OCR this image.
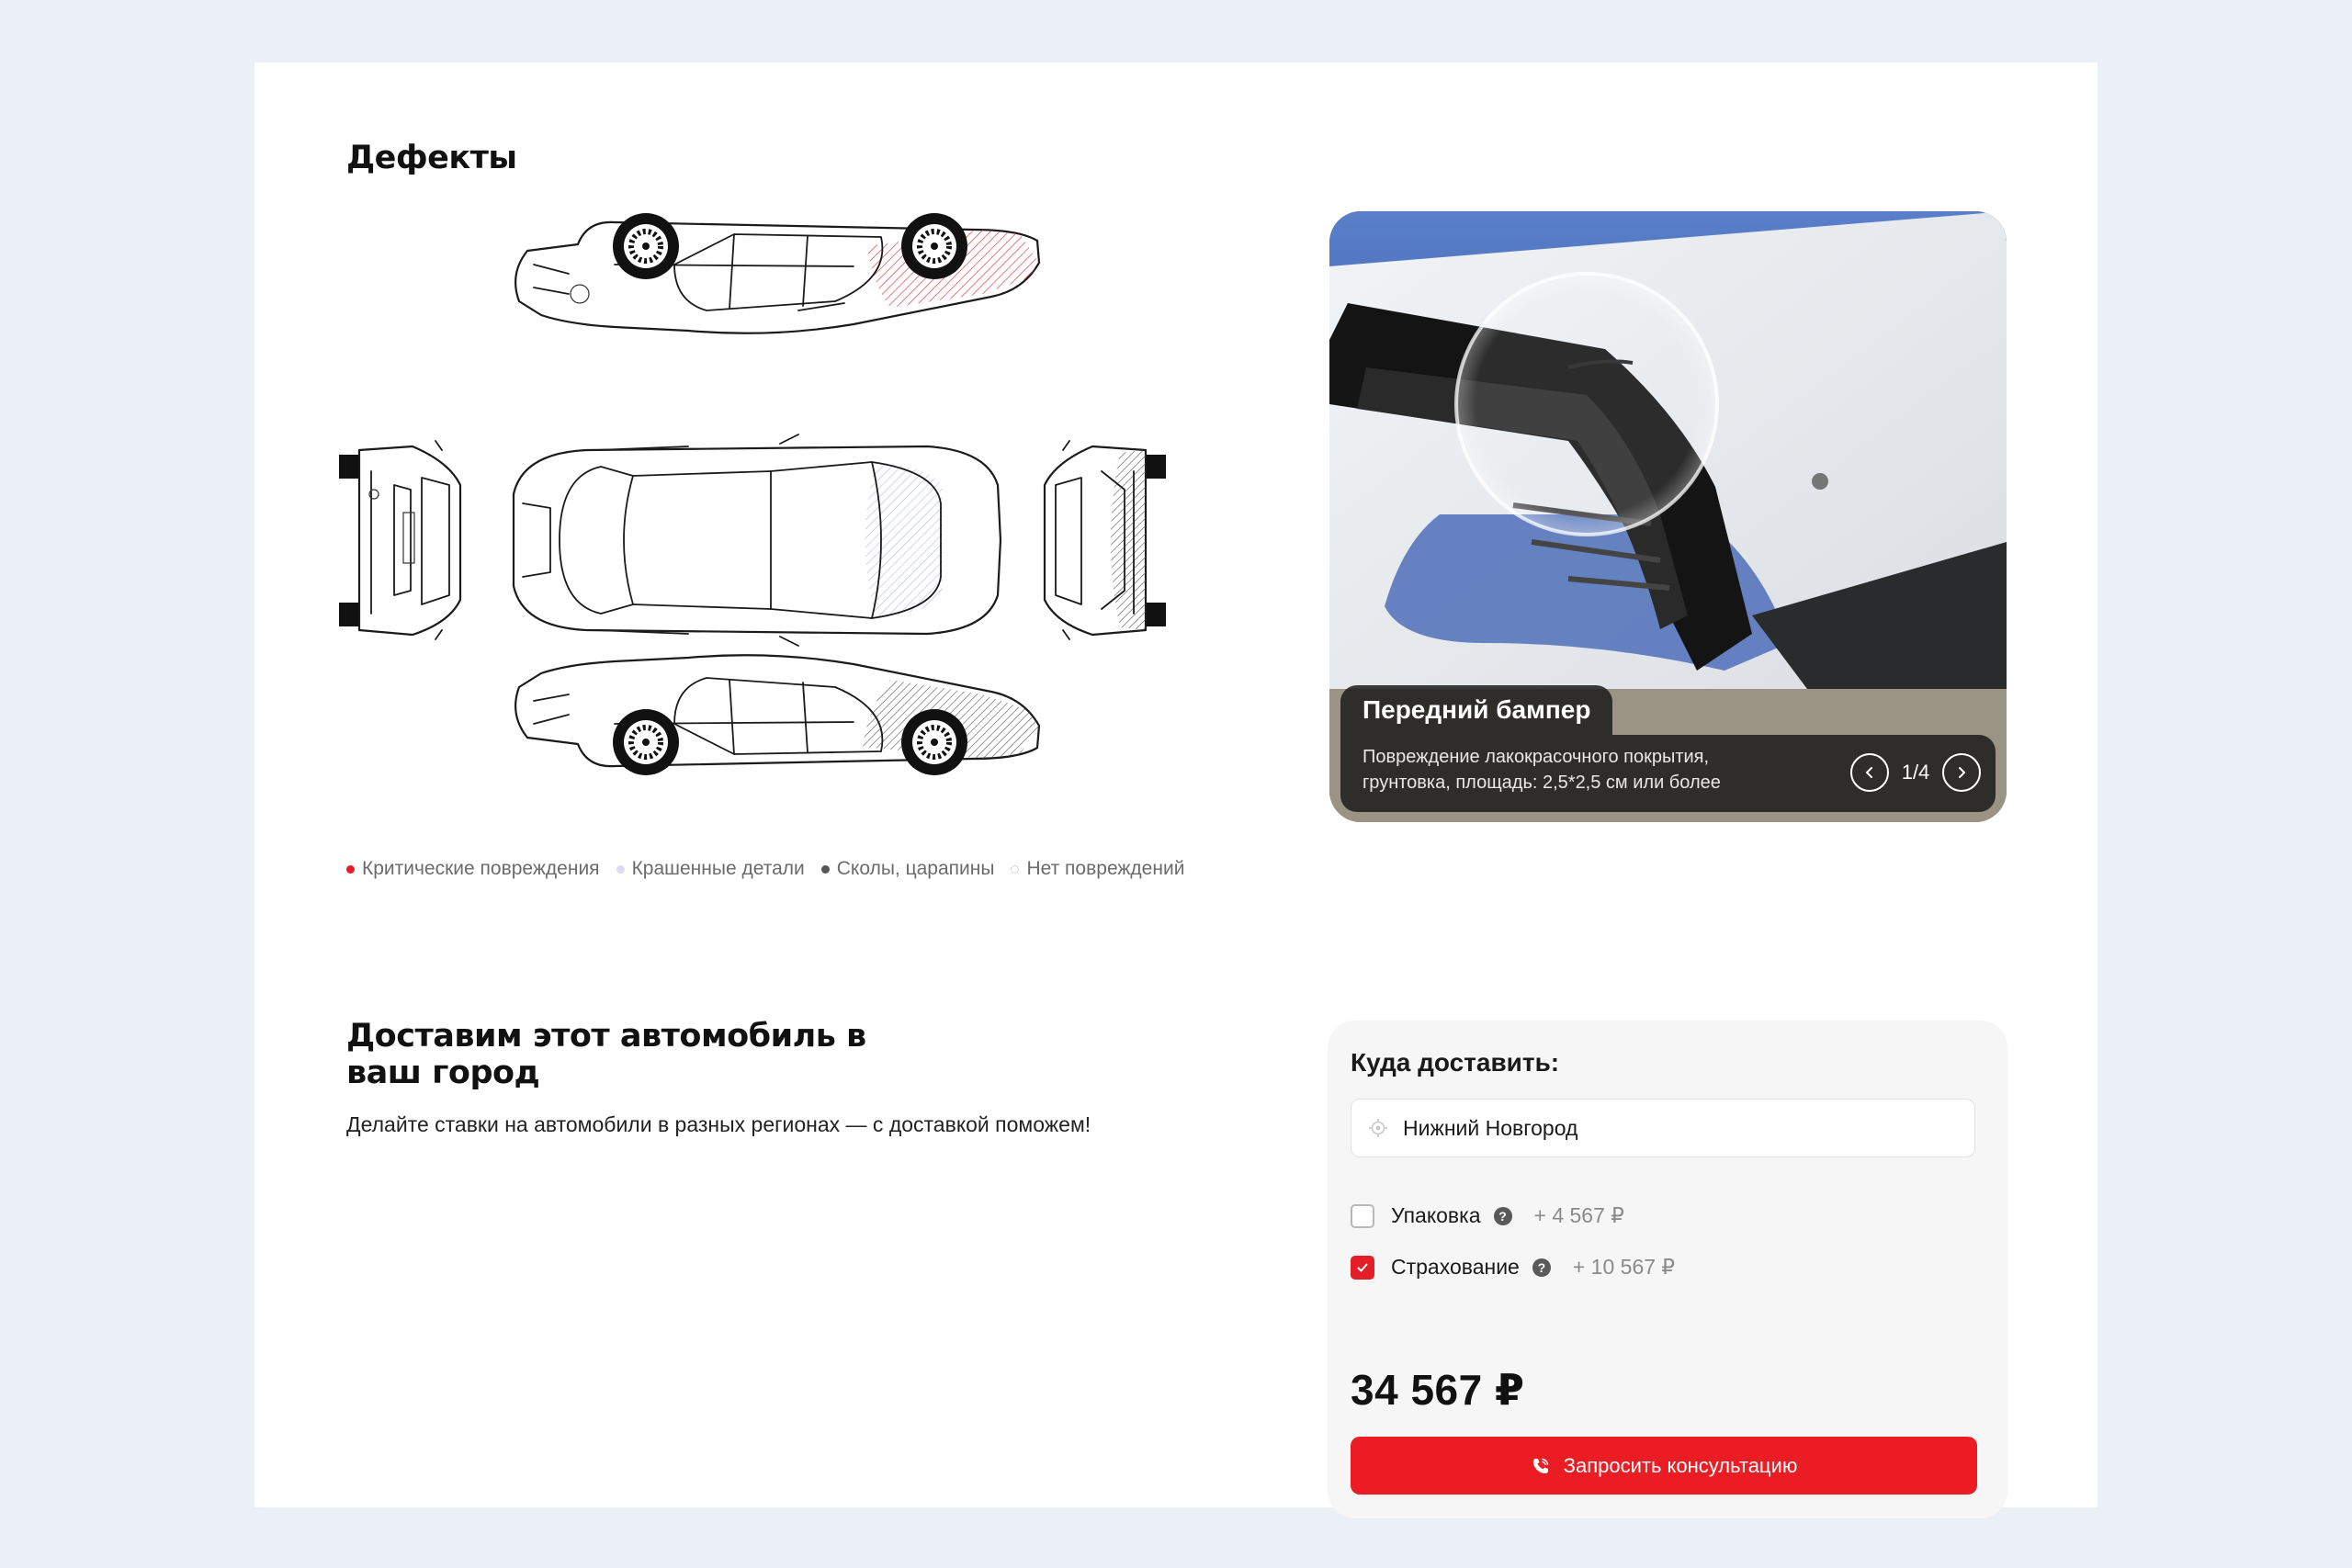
Дефекты
Критические повреждения Крашенные детали Сколы, царапины Нет повреждений
Передний бампер
Повреждение лакокрасочного покрытия, грунтовка, площадь: 2,5*2,5 см или более	1/4
Доставим этот автомобиль в ваш город
Делайте ставки на автомобили в разных регионах — с доставкой поможем!

Куда доставить:

Нижний Новгород
Упаковка	? + 4 567 ₽
Страхование	? + 10 567 ₽
34 567 ₽
Запросить консультацию
